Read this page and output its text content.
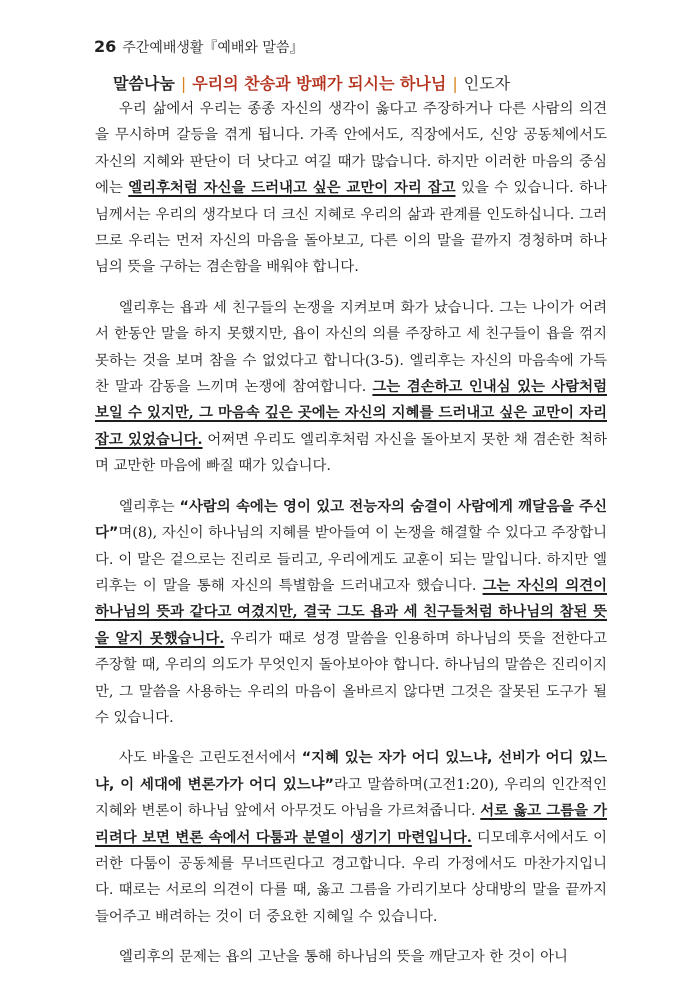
26 주간예배생활『예배와 말씀』
말씀나눔 | 우리의 찬송과 방패가 되시는 하나님 | 인도자

우리 삶에서 우리는 종종 자신의 생각이 옳다고 주장하거나 다른 사람의 의견을 무시하며 갈등을 겪게 됩니다. 가족 안에서도, 직장에서도, 신앙 공동체에서도 자신의 지혜와 판단이 더 낫다고 여길 때가 많습니다. 하지만 이러한 마음의 중심에는 엘리후처럼 자신을 드러내고 싶은 교만이 자리 잡고 있을 수 있습니다. 하나님께서는 우리의 생각보다 더 크신 지혜로 우리의 삶과 관계를 인도하십니다. 그러므로 우리는 먼저 자신의 마음을 돌아보고, 다른 이의 말을 끝까지 경청하며 하나님의 뜻을 구하는 겸손함을 배워야 합니다.

엘리후는 욥과 세 친구들의 논쟁을 지켜보며 화가 났습니다. 그는 나이가 어려서 한동안 말을 하지 못했지만, 욥이 자신의 의를 주장하고 세 친구들이 욥을 꺾지 못하는 것을 보며 참을 수 없었다고 합니다(3-5). 엘리후는 자신의 마음속에 가득 찬 말과 감동을 느끼며 논쟁에 참여합니다. 그는 겸손하고 인내심 있는 사람처럼 보일 수 있지만, 그 마음속 깊은 곳에는 자신의 지혜를 드러내고 싶은 교만이 자리 잡고 있었습니다. 어쩌면 우리도 엘리후처럼 자신을 돌아보지 못한 채 겸손한 척하며 교만한 마음에 빠질 때가 있습니다.

엘리후는 “사람의 속에는 영이 있고 전능자의 숨결이 사람에게 깨달음을 주신다”며(8), 자신이 하나님의 지혜를 받아들여 이 논쟁을 해결할 수 있다고 주장합니다. 이 말은 겉으로는 진리로 들리고, 우리에게도 교훈이 되는 말입니다. 하지만 엘리후는 이 말을 통해 자신의 특별함을 드러내고자 했습니다. 그는 자신의 의견이 하나님의 뜻과 같다고 여겼지만, 결국 그도 욥과 세 친구들처럼 하나님의 참된 뜻을 알지 못했습니다. 우리가 때로 성경 말씀을 인용하며 하나님의 뜻을 전한다고 주장할 때, 우리의 의도가 무엇인지 돌아보아야 합니다. 하나님의 말씀은 진리이지만, 그 말씀을 사용하는 우리의 마음이 올바르지 않다면 그것은 잘못된 도구가 될 수 있습니다.

사도 바울은 고린도전서에서 “지혜 있는 자가 어디 있느냐, 선비가 어디 있느냐, 이 세대에 변론가가 어디 있느냐”라고 말씀하며(고전1:20), 우리의 인간적인 지혜와 변론이 하나님 앞에서 아무것도 아님을 가르쳐줍니다. 서로 옳고 그름을 가리려다 보면 변론 속에서 다툼과 분열이 생기기 마련입니다. 디모데후서에서도 이러한 다툼이 공동체를 무너뜨린다고 경고합니다. 우리 가정에서도 마찬가지입니다. 때로는 서로의 의견이 다를 때, 옳고 그름을 가리기보다 상대방의 말을 끝까지 들어주고 배려하는 것이 더 중요한 지혜일 수 있습니다.

엘리후의 문제는 욥의 고난을 통해 하나님의 뜻을 깨닫고자 한 것이 아니
